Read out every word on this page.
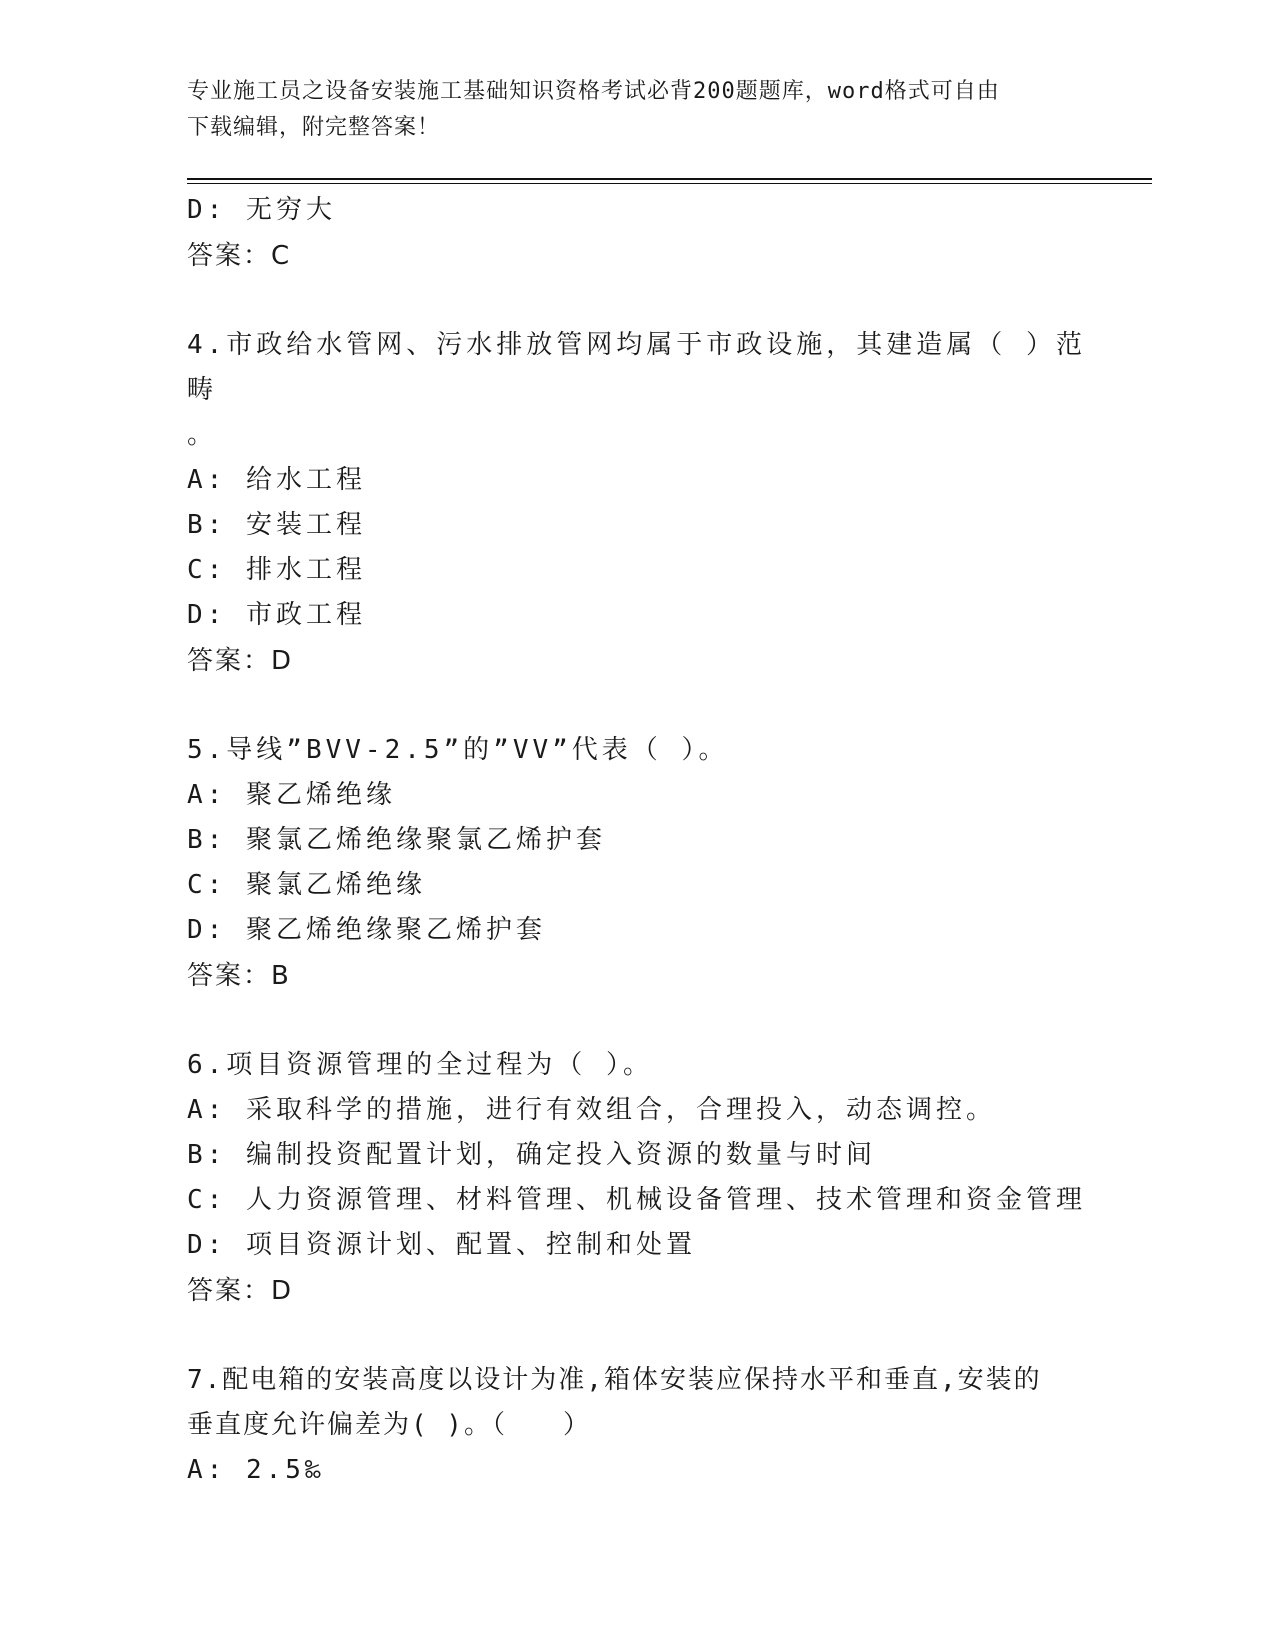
专业施工员之设备安装施工基础知识资格考试必背200题题库，word格式可自由
下载编辑，附完整答案！
D: 无穷大
答案：C
4.市政给水管网、污水排放管网均属于市政设施，其建造属（ ）范畴
。
A: 给水工程
B: 安装工程
C: 排水工程
D: 市政工程
答案：D
5.导线”BVV-2.5”的”VV”代表（ ）。
A: 聚乙烯绝缘
B: 聚氯乙烯绝缘聚氯乙烯护套
C: 聚氯乙烯绝缘
D: 聚乙烯绝缘聚乙烯护套
答案：B
6.项目资源管理的全过程为（ ）。
A: 采取科学的措施，进行有效组合，合理投入，动态调控。
B: 编制投资配置计划，确定投入资源的数量与时间
C: 人力资源管理、材料管理、机械设备管理、技术管理和资金管理
D: 项目资源计划、配置、控制和处置
答案：D
7.配电箱的安装高度以设计为准,箱体安装应保持水平和垂直,安装的
垂直度允许偏差为( )。（　　）
A: 2.5‰
